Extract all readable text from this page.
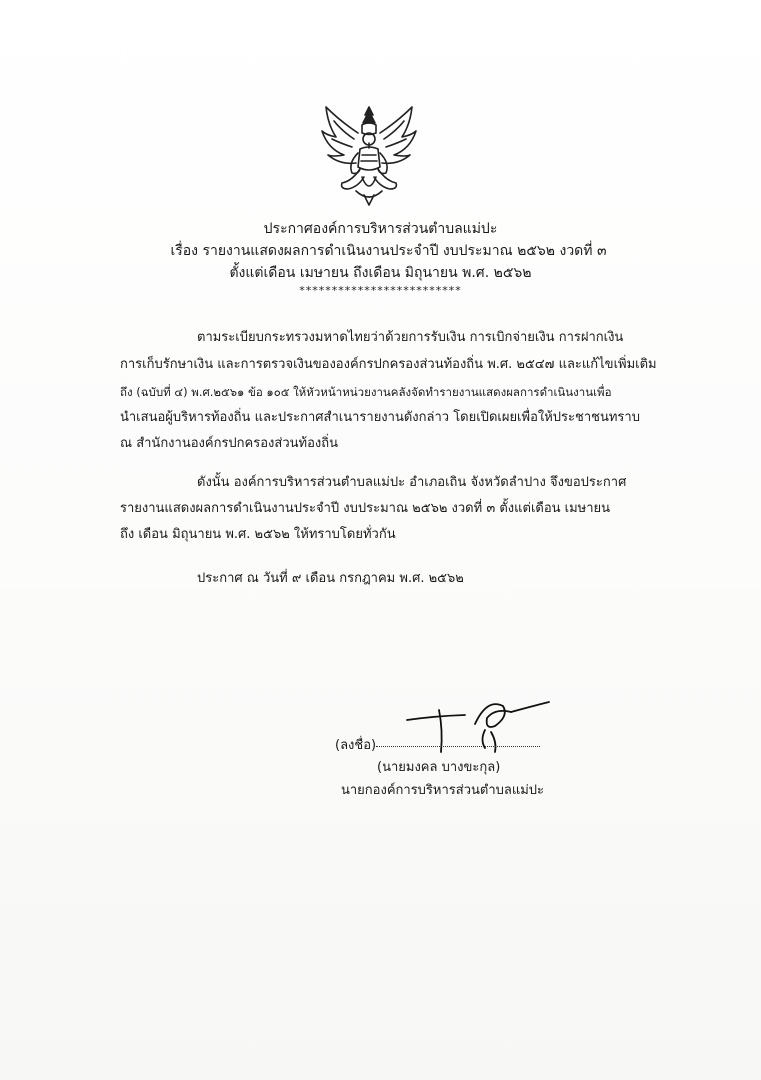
ประกาศองค์การบริหารส่วนตำบลแม่ปะ
เรื่อง รายงานแสดงผลการดำเนินงานประจำปี งบประมาณ ๒๕๖๒ งวดที่ ๓
ตั้งแต่เดือน เมษายน ถึงเดือน มิถุนายน พ.ศ. ๒๕๖๒
*************************
ตามระเบียบกระทรวงมหาดไทยว่าด้วยการรับเงิน การเบิกจ่ายเงิน การฝากเงิน
การเก็บรักษาเงิน และการตรวจเงินขององค์กรปกครองส่วนท้องถิ่น พ.ศ. ๒๕๔๗ และแก้ไขเพิ่มเติม
ถึง (ฉบับที่ ๔) พ.ศ.๒๕๖๑ ข้อ ๑๐๕ ให้หัวหน้าหน่วยงานคลังจัดทำรายงานแสดงผลการดำเนินงานเพื่อ
นำเสนอผู้บริหารท้องถิ่น และประกาศสำเนารายงานดังกล่าว โดยเปิดเผยเพื่อให้ประชาชนทราบ
ณ สำนักงานองค์กรปกครองส่วนท้องถิ่น
ดังนั้น องค์การบริหารส่วนตำบลแม่ปะ อำเภอเถิน จังหวัดลำปาง จึงขอประกาศ
รายงานแสดงผลการดำเนินงานประจำปี งบประมาณ ๒๕๖๒ งวดที่ ๓ ตั้งแต่เดือน เมษายน
ถึง เดือน มิถุนายน พ.ศ. ๒๕๖๒ ให้ทราบโดยทั่วกัน
ประกาศ ณ วันที่ ๙ เดือน กรกฎาคม พ.ศ. ๒๕๖๒
(ลงชื่อ)
(นายมงคล บางขะกุล)
นายกองค์การบริหารส่วนตำบลแม่ปะ
